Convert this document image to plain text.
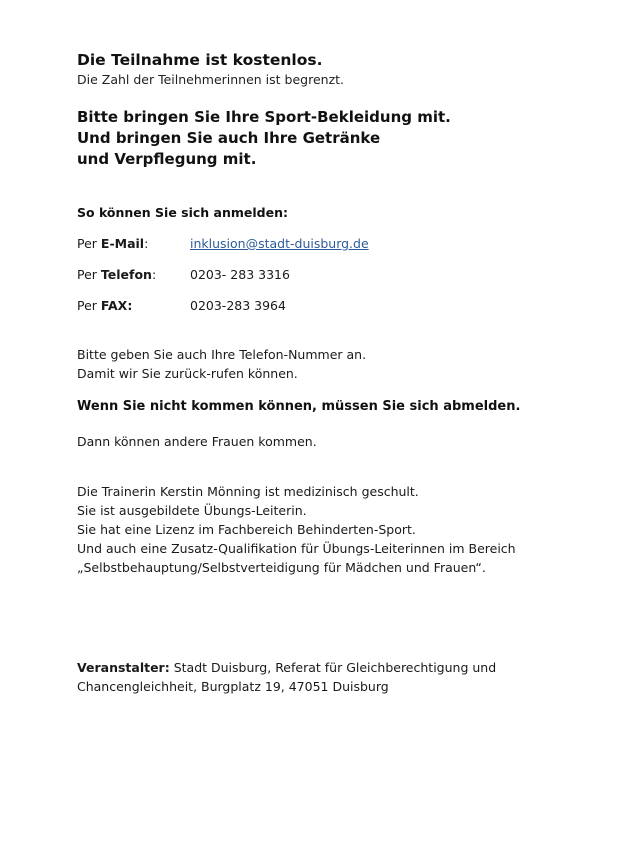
Die Teilnahme ist kostenlos.
Die Zahl der Teilnehmerinnen ist begrenzt.
Bitte bringen Sie Ihre Sport-Bekleidung mit.
Und bringen Sie auch Ihre Getränke
und Verpflegung mit.
So können Sie sich anmelden:
Per E-Mail:	inklusion@stadt-duisburg.de
Per Telefon:	0203- 283 3316
Per FAX:	0203-283 3964
Bitte geben Sie auch Ihre Telefon-Nummer an.
Damit wir Sie zurück-rufen können.
Wenn Sie nicht kommen können, müssen Sie sich abmelden.
Dann können andere Frauen kommen.
Die Trainerin Kerstin Mönning ist medizinisch geschult.
Sie ist ausgebildete Übungs-Leiterin.
Sie hat eine Lizenz im Fachbereich Behinderten-Sport.
Und auch eine Zusatz-Qualifikation für Übungs-Leiterinnen im Bereich
„Selbstbehauptung/Selbstverteidigung für Mädchen und Frauen“.
Veranstalter: Stadt Duisburg, Referat für Gleichberechtigung und
Chancengleichheit, Burgplatz 19, 47051 Duisburg
